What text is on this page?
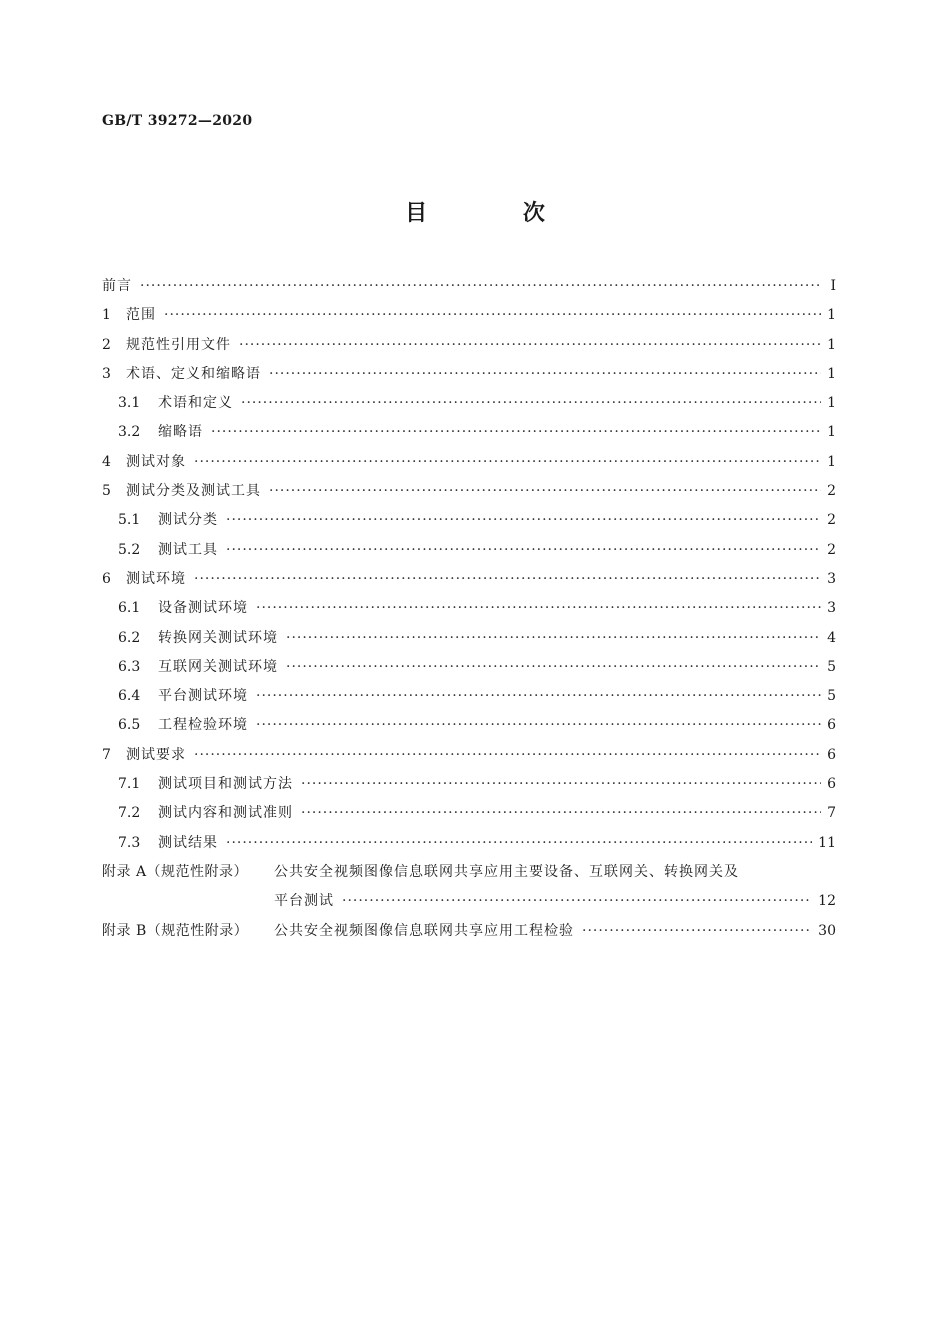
GB/T 39272—2020
目 次
前言 ·····	I
1	范围 ·····	1
2	规范性引用文件 ·····	1
3	术语、定义和缩略语 ·····	1
3.1	术语和定义 ·····	1
3.2	缩略语 ·····	1
4	测试对象 ·····	1
5	测试分类及测试工具 ·····	2
5.1	测试分类 ·····	2
5.2	测试工具 ·····	2
6	测试环境 ·····	3
6.1	设备测试环境 ·····	3
6.2	转换网关测试环境 ·····	4
6.3	互联网关测试环境 ·····	5
6.4	平台测试环境 ·····	5
6.5	工程检验环境 ·····	6
7	测试要求 ·····	6
7.1	测试项目和测试方法 ·····	6
7.2	测试内容和测试准则 ·····	7
7.3	测试结果 ·····	11
附录 A（规范性附录）	公共安全视频图像信息联网共享应用主要设备、互联网关、转换网关及
平台测试 ·····	12
附录 B（规范性附录）	公共安全视频图像信息联网共享应用工程检验 ·····	30
